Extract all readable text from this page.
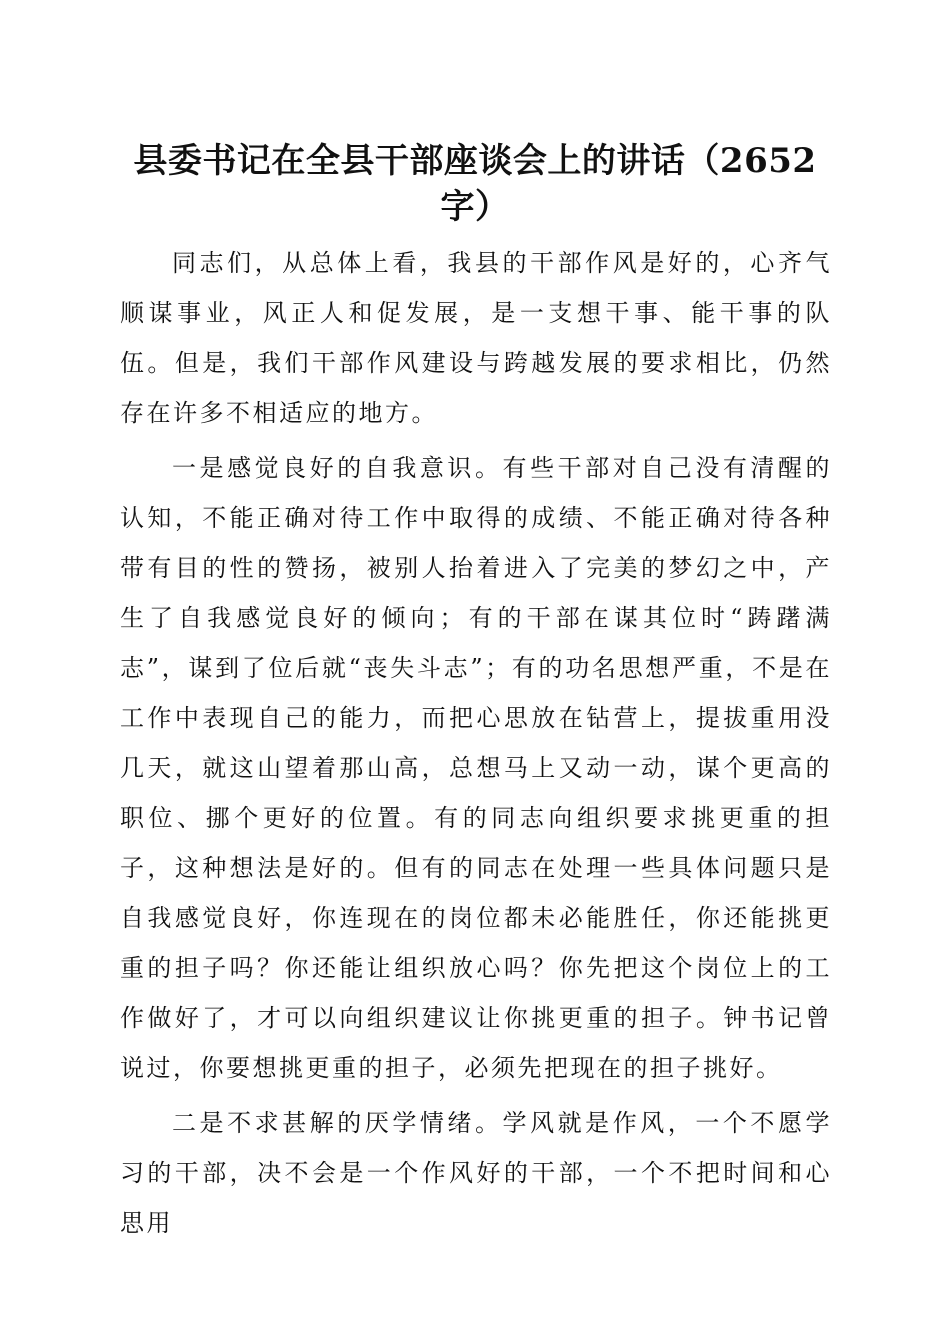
县委书记在全县干部座谈会上的讲话（2652字）

同志们，从总体上看，我县的干部作风是好的，心齐气顺谋事业，风正人和促发展，是一支想干事、能干事的队伍。但是，我们干部作风建设与跨越发展的要求相比，仍然存在许多不相适应的地方。

一是感觉良好的自我意识。有些干部对自己没有清醒的认知，不能正确对待工作中取得的成绩、不能正确对待各种带有目的性的赞扬，被别人抬着进入了完美的梦幻之中，产生了自我感觉良好的倾向；有的干部在谋其位时“踌躇满志”，谋到了位后就“丧失斗志”；有的功名思想严重，不是在工作中表现自己的能力，而把心思放在钻营上，提拔重用没几天，就这山望着那山高，总想马上又动一动，谋个更高的职位、挪个更好的位置。有的同志向组织要求挑更重的担子，这种想法是好的。但有的同志在处理一些具体问题只是自我感觉良好，你连现在的岗位都未必能胜任，你还能挑更重的担子吗？你还能让组织放心吗？你先把这个岗位上的工作做好了，才可以向组织建议让你挑更重的担子。钟书记曾说过，你要想挑更重的担子，必须先把现在的担子挑好。

二是不求甚解的厌学情绪。学风就是作风，一个不愿学习的干部，决不会是一个作风好的干部，一个不把时间和心思用
